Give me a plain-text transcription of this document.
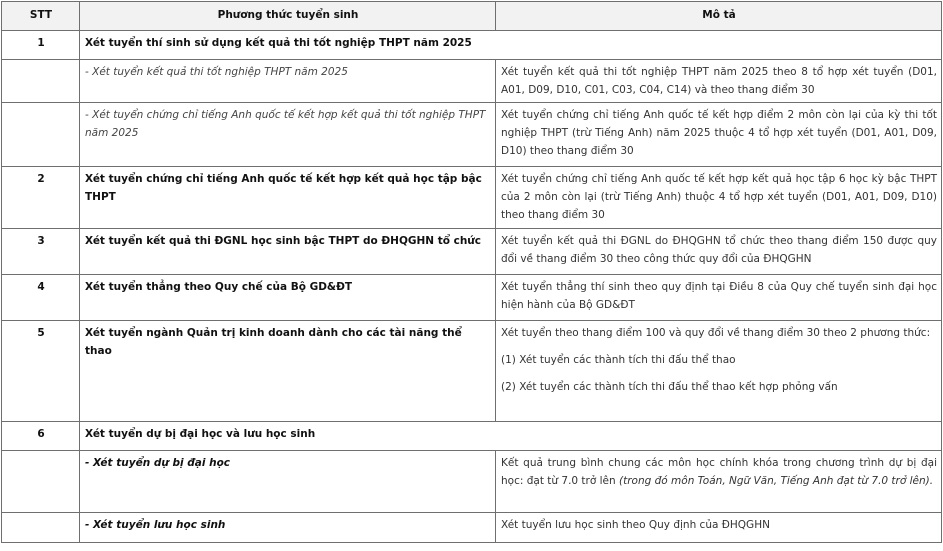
STT	Phương thức tuyển sinh	Mô tả
1	Xét tuyển thí sinh sử dụng kết quả thi tốt nghiệp THPT năm 2025	
	- Xét tuyển kết quả thi tốt nghiệp THPT năm 2025	Xét tuyển kết quả thi tốt nghiệp THPT năm 2025 theo 8 tổ hợp xét tuyển (D01, A01, D09, D10, C01, C03, C04, C14) và theo thang điểm 30
	- Xét tuyển chứng chỉ tiếng Anh quốc tế kết hợp kết quả thi tốt nghiệp THPT năm 2025	Xét tuyển chứng chỉ tiếng Anh quốc tế kết hợp điểm 2 môn còn lại của kỳ thi tốt nghiệp THPT (trừ Tiếng Anh) năm 2025 thuộc 4 tổ hợp xét tuyển (D01, A01, D09, D10) theo thang điểm 30
2	Xét tuyển chứng chỉ tiếng Anh quốc tế kết hợp kết quả học tập bậc THPT	Xét tuyển chứng chỉ tiếng Anh quốc tế kết hợp kết quả học tập 6 học kỳ bậc THPT của 2 môn còn lại (trừ Tiếng Anh) thuộc 4 tổ hợp xét tuyển (D01, A01, D09, D10) theo thang điểm 30
3	Xét tuyển kết quả thi ĐGNL học sinh bậc THPT do ĐHQGHN tổ chức	Xét tuyển kết quả thi ĐGNL do ĐHQGHN tổ chức theo thang điểm 150 được quy đổi về thang điểm 30 theo công thức quy đổi của ĐHQGHN
4	Xét tuyển thẳng theo Quy chế của Bộ GD&ĐT	Xét tuyển thẳng thí sinh theo quy định tại Điều 8 của Quy chế tuyển sinh đại học hiện hành của Bộ GD&ĐT
5	Xét tuyển ngành Quản trị kinh doanh dành cho các tài năng thể thao	Xét tuyển theo thang điểm 100 và quy đổi về thang điểm 30 theo 2 phương thức:
(1) Xét tuyển các thành tích thi đấu thể thao
(2) Xét tuyển các thành tích thi đấu thể thao kết hợp phỏng vấn

6	Xét tuyển dự bị đại học và lưu học sinh	
	- Xét tuyển dự bị đại học	Kết quả trung bình chung các môn học chính khóa trong chương trình dự bị đại học: đạt từ 7.0 trở lên (trong đó môn Toán, Ngữ Văn, Tiếng Anh đạt từ 7.0 trở lên).
	- Xét tuyển lưu học sinh	Xét tuyển lưu học sinh theo Quy định của ĐHQGHN
